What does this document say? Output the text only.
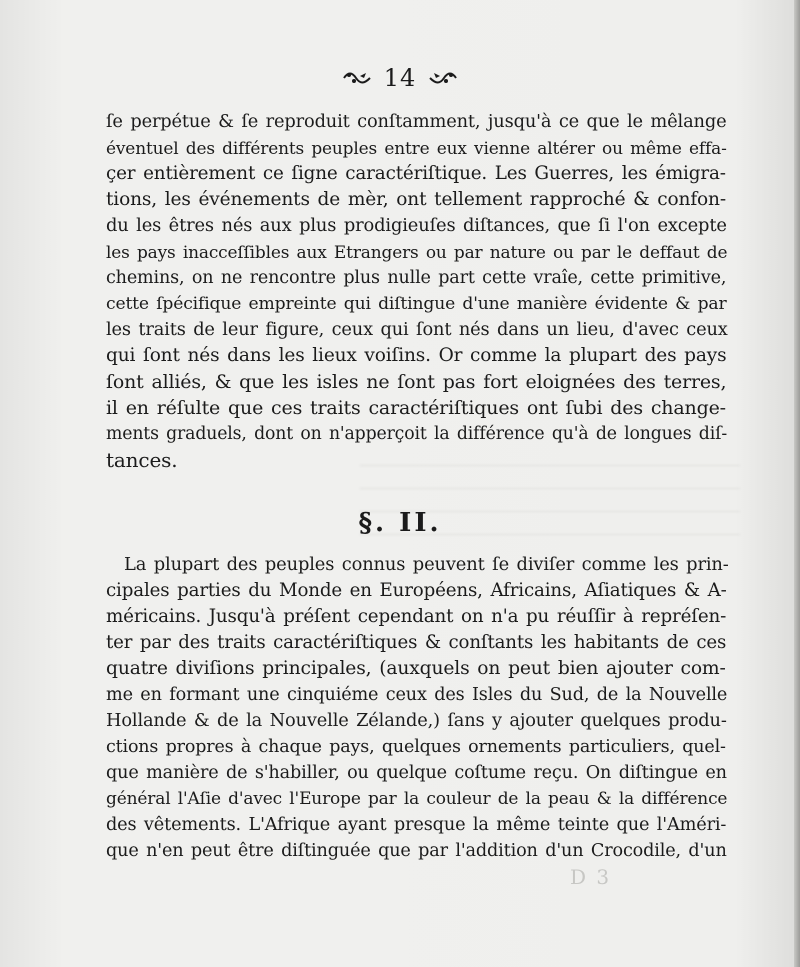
14
ſe perpétue & ſe reproduit conſtamment, jusqu'à ce que le mêlange
éventuel des différents peuples entre eux vienne altérer ou même effa-
çer entièrement ce ſigne caractériſtique. Les Guerres, les émigra-
tions, les événements de mèr, ont tellement rapproché & confon-
du les êtres nés aux plus prodigieuſes diſtances, que ſi l'on excepte
les pays inacceſſibles aux Etrangers ou par nature ou par le deffaut de
chemins, on ne rencontre plus nulle part cette vraîe, cette primitive,
cette ſpécifique empreinte qui diſtingue d'une manière évidente & par
les traits de leur figure, ceux qui ſont nés dans un lieu, d'avec ceux
qui ſont nés dans les lieux voiſins. Or comme la plupart des pays
ſont alliés, & que les isles ne ſont pas fort eloignées des terres,
il en réſulte que ces traits caractériſtiques ont ſubi des change-
ments graduels, dont on n'apperçoit la différence qu'à de longues diſ-
tances.
§. II.
La plupart des peuples connus peuvent ſe diviſer comme les prin-
cipales parties du Monde en Européens, Africains, Aſiatiques & A-
méricains. Jusqu'à préſent cependant on n'a pu réuſſir à repréſen-
ter par des traits caractériſtiques & conſtants les habitants de ces
quatre diviſions principales, (auxquels on peut bien ajouter com-
me en formant une cinquiéme ceux des Isles du Sud, de la Nouvelle
Hollande & de la Nouvelle Zélande,) ſans y ajouter quelques produ-
ctions propres à chaque pays, quelques ornements particuliers, quel-
que manière de s'habiller, ou quelque coſtume reçu. On diſtingue en
général l'Aſie d'avec l'Europe par la couleur de la peau & la différence
des vêtements. L'Afrique ayant presque la même teinte que l'Améri-
que n'en peut être diſtinguée que par l'addition d'un Crocodile, d'un
D 3
